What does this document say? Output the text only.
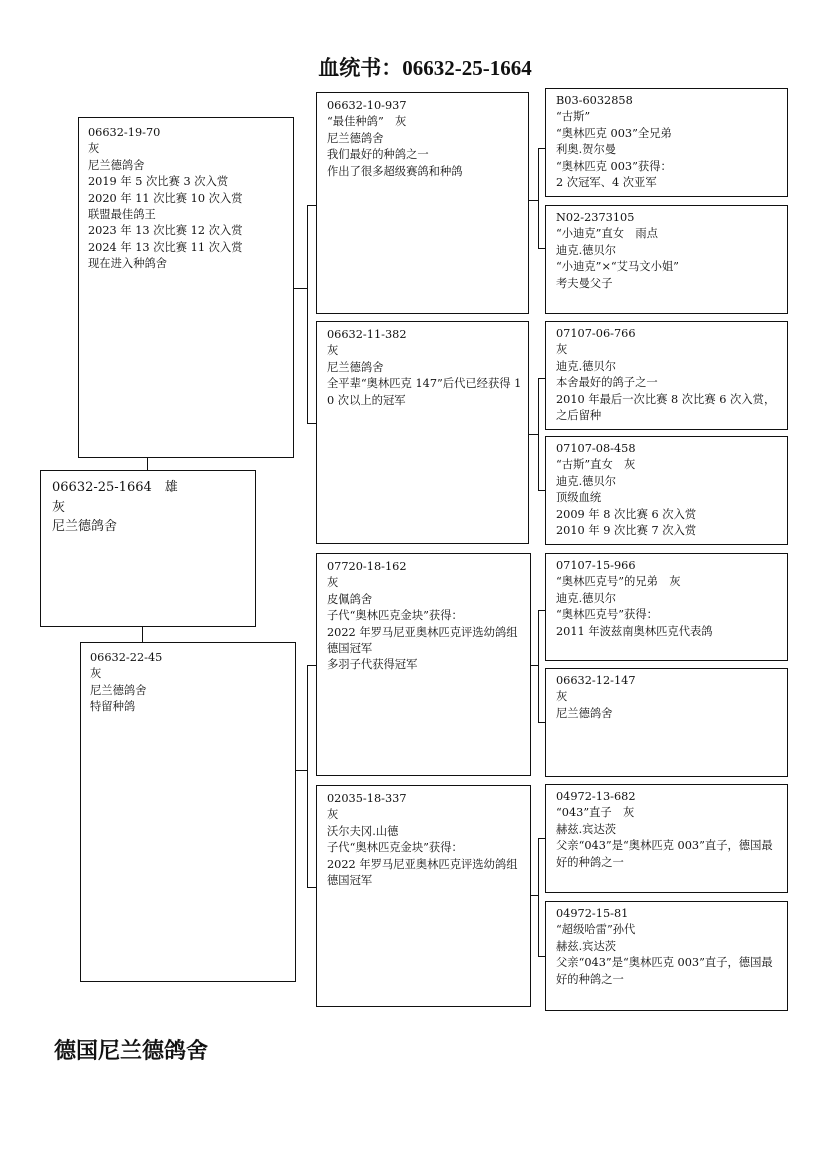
血统书：06632-25-1664
06632-25-1664　雄
灰
尼兰德鸽舍
06632-19-70
灰
尼兰德鸽舍
2019 年 5 次比赛 3 次入赏
2020 年 11 次比赛 10 次入赏
联盟最佳鸽王
2023 年 13 次比赛 12 次入赏
2024 年 13 次比赛 11 次入赏
现在进入种鸽舍
06632-22-45
灰
尼兰德鸽舍
特留种鸽
06632-10-937
“最佳种鸽”　灰
尼兰德鸽舍
我们最好的种鸽之一
作出了很多超级赛鸽和种鸽
06632-11-382
灰
尼兰德鸽舍
全平辈“奥林匹克 147”后代已经获得 10 次以上的冠军
07720-18-162
灰
皮佩鸽舍
子代“奥林匹克金块”获得：
2022 年罗马尼亚奥林匹克评选幼鸽组德国冠军
多羽子代获得冠军
02035-18-337
灰
沃尔夫冈.山德
子代“奥林匹克金块”获得：
2022 年罗马尼亚奥林匹克评选幼鸽组德国冠军
B03-6032858
“古斯”
“奥林匹克 003”全兄弟
利奥.贺尔曼
“奥林匹克 003”获得：
2 次冠军、4 次亚军
N02-2373105
“小迪克”直女　雨点
迪克.德贝尔
“小迪克”×“艾马文小姐”
考夫曼父子
07107-06-766
灰
迪克.德贝尔
本舍最好的鸽子之一
2010 年最后一次比赛 8 次比赛 6 次入赏，之后留种
07107-08-458
“古斯”直女　灰
迪克.德贝尔
顶级血统
2009 年 8 次比赛 6 次入赏
2010 年 9 次比赛 7 次入赏
07107-15-966
“奥林匹克号”的兄弟　灰
迪克.德贝尔
“奥林匹克号”获得：
2011 年波兹南奥林匹克代表鸽
06632-12-147
灰
尼兰德鸽舍
04972-13-682
“043”直子　灰
赫兹.宾达茨
父亲“043”是“奥林匹克 003”直子，德国最好的种鸽之一
04972-15-81
“超级哈雷”孙代
赫兹.宾达茨
父亲“043”是“奥林匹克 003”直子，德国最好的种鸽之一
德国尼兰德鸽舍
